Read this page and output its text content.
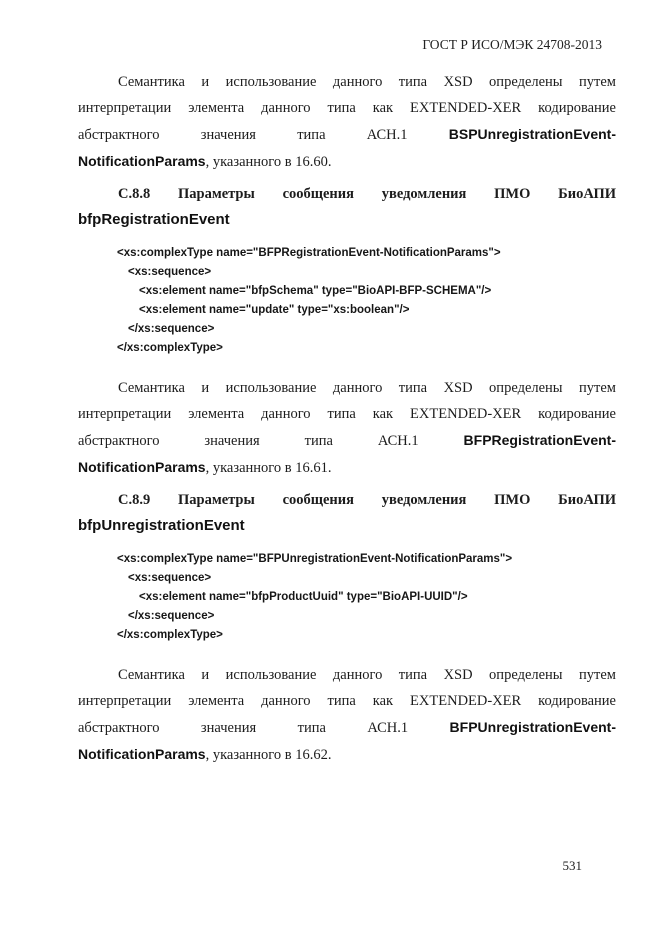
ГОСТ Р ИСО/МЭК 24708-2013
Семантика и использование данного типа XSD определены путем
интерпретации элемента данного типа как EXTENDED-XER кодирование
абстрактного значения типа АСН.1	BSPUnregistrationEvent-
NotificationParams, указанного в 16.60.
С.8.8 Параметры сообщения уведомления ПМО БиоАПИ
bfpRegistrationEvent
<xs:complexType name="BFPRegistrationEvent-NotificationParams">
<xs:sequence>
<xs:element name="bfpSchema" type="BioAPI-BFP-SCHEMA"/>
<xs:element name="update" type="xs:boolean"/>
</xs:sequence>
</xs:complexType>
Семантика и использование данного типа XSD определены путем
интерпретации элемента данного типа как EXTENDED-XER кодирование
абстрактного значения типа АСН.1	BFPRegistrationEvent-
NotificationParams, указанного в 16.61.
С.8.9 Параметры сообщения уведомления ПМО БиоАПИ
bfpUnregistrationEvent
<xs:complexType name="BFPUnregistrationEvent-NotificationParams">
<xs:sequence>
<xs:element name="bfpProductUuid" type="BioAPI-UUID"/>
</xs:sequence>
</xs:complexType>
Семантика и использование данного типа XSD определены путем
интерпретации элемента данного типа как EXTENDED-XER кодирование
абстрактного значения типа АСН.1	BFPUnregistrationEvent-
NotificationParams, указанного в 16.62.
531
